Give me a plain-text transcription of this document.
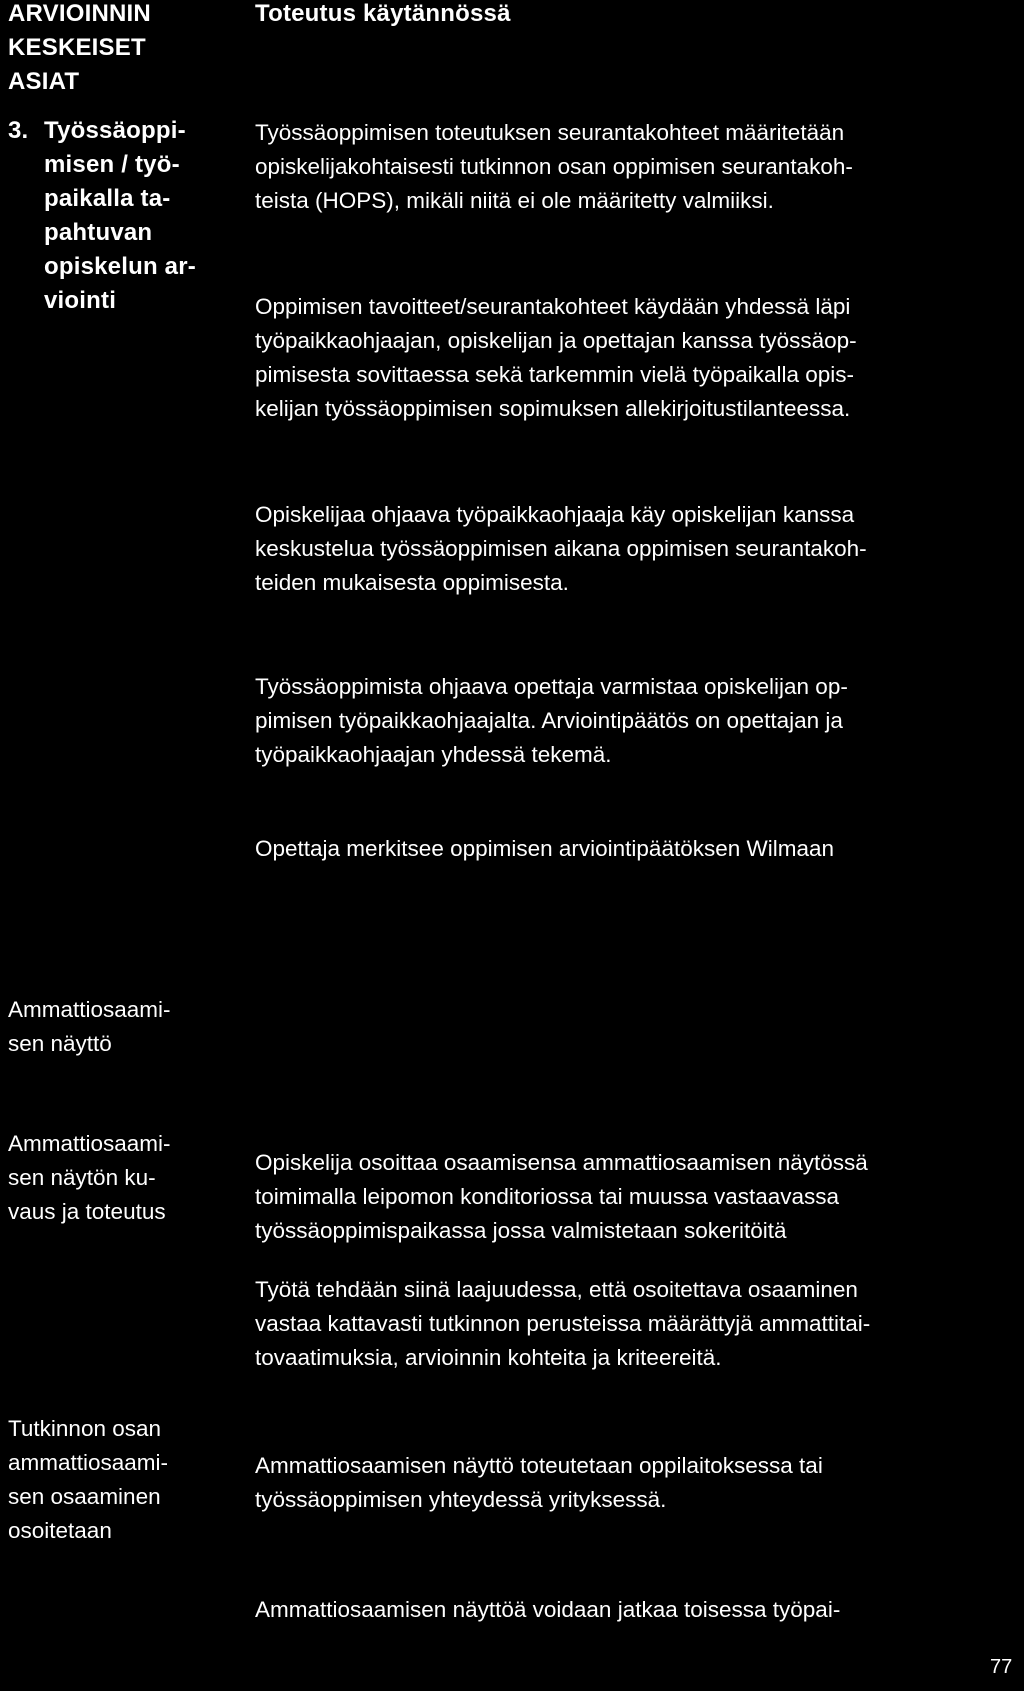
ARVIOINNIN
KESKEISET
ASIAT

Toteutus käytännössä

3. Työssäoppi-
misen / työ-
paikalla ta-
pahtuvan
opiskelun ar-
viointi

Työssäoppimisen toteutuksen seurantakohteet määritetään
opiskelijakohtaisesti tutkinnon osan oppimisen seurantakoh-
teista (HOPS), mikäli niitä ei ole määritetty valmiiksi.

Oppimisen tavoitteet/seurantakohteet käydään yhdessä läpi
työpaikkaohjaajan, opiskelijan ja opettajan kanssa työssäop-
pimisesta sovittaessa sekä tarkemmin vielä työpaikalla opis-
kelijan työssäoppimisen sopimuksen allekirjoitustilanteessa.

Opiskelijaa ohjaava työpaikkaohjaaja käy opiskelijan kanssa
keskustelua työssäoppimisen aikana oppimisen seurantakoh-
teiden mukaisesta oppimisesta.

Työssäoppimista ohjaava opettaja varmistaa opiskelijan op-
pimisen työpaikkaohjaajalta. Arviointipäätös on opettajan ja
työpaikkaohjaajan yhdessä tekemä.

Opettaja merkitsee oppimisen arviointipäätöksen Wilmaan

Ammattiosaami-
sen näyttö

Ammattiosaami-
sen näytön ku-
vaus ja toteutus

Opiskelija osoittaa osaamisensa ammattiosaamisen näytössä
toimimalla leipomon konditoriossa tai muussa vastaavassa
työssäoppimispaikassa jossa valmistetaan sokeritöitä

Työtä tehdään siinä laajuudessa, että osoitettava osaaminen
vastaa kattavasti tutkinnon perusteissa määrättyjä ammattitai-
tovaatimuksia, arvioinnin kohteita ja kriteereitä.

Tutkinnon osan
ammattiosaami-
sen osaaminen
osoitetaan

Ammattiosaamisen näyttö toteutetaan oppilaitoksessa tai
työssäoppimisen yhteydessä yrityksessä.

Ammattiosaamisen näyttöä voidaan jatkaa toisessa työpai-

77
